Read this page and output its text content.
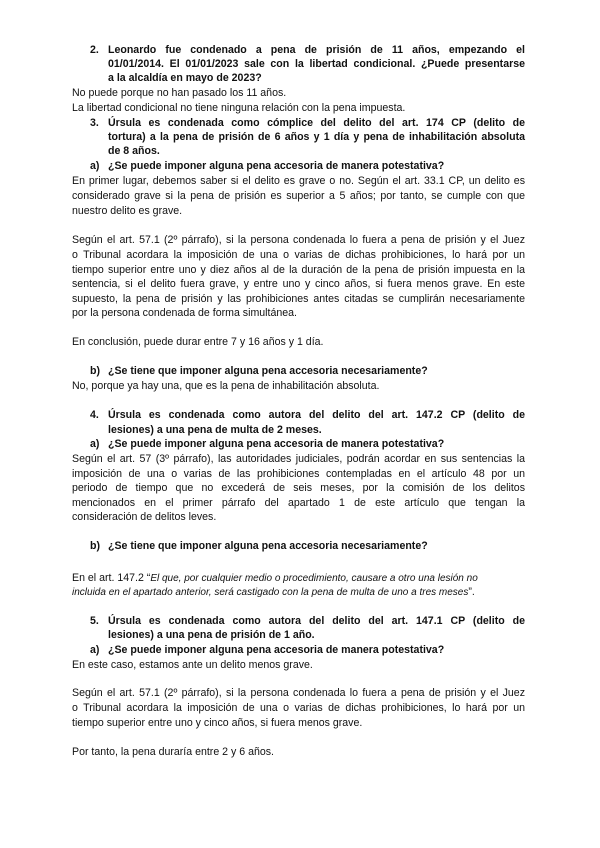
2. Leonardo fue condenado a pena de prisión de 11 años, empezando el
01/01/2014. El 01/01/2023 sale con la libertad condicional. ¿Puede presentarse
a la alcaldía en mayo de 2023?
No puede porque no han pasado los 11 años.
La libertad condicional no tiene ninguna relación con la pena impuesta.
3. Úrsula es condenada como cómplice del delito del art. 174 CP (delito de
tortura) a la pena de prisión de 6 años y 1 día y pena de inhabilitación absoluta
de 8 años.
a) ¿Se puede imponer alguna pena accesoria de manera potestativa?
En primer lugar, debemos saber si el delito es grave o no. Según el art. 33.1 CP, un delito es
considerado grave si la pena de prisión es superior a 5 años; por tanto, se cumple con que
nuestro delito es grave.
Según el art. 57.1 (2º párrafo), si la persona condenada lo fuera a pena de prisión y el Juez
o Tribunal acordara la imposición de una o varias de dichas prohibiciones, lo hará por un
tiempo superior entre uno y diez años al de la duración de la pena de prisión impuesta en la
sentencia, si el delito fuera grave, y entre uno y cinco años, si fuera menos grave. En este
supuesto, la pena de prisión y las prohibiciones antes citadas se cumplirán necesariamente
por la persona condenada de forma simultánea.
En conclusión, puede durar entre 7 y 16 años y 1 día.
b) ¿Se tiene que imponer alguna pena accesoria necesariamente?
No, porque ya hay una, que es la pena de inhabilitación absoluta.
4. Úrsula es condenada como autora del delito del art. 147.2 CP (delito de
lesiones) a una pena de multa de 2 meses.
a) ¿Se puede imponer alguna pena accesoria de manera potestativa?
Según el art. 57 (3º párrafo), las autoridades judiciales, podrán acordar en sus sentencias la
imposición de una o varias de las prohibiciones contempladas en el artículo 48 por un
periodo de tiempo que no excederá de seis meses, por la comisión de los delitos
mencionados en el primer párrafo del apartado 1 de este artículo que tengan la
consideración de delitos leves.
b) ¿Se tiene que imponer alguna pena accesoria necesariamente?
En el art. 147.2 “El que, por cualquier medio o procedimiento, causare a otro una lesión no
incluida en el apartado anterior, será castigado con la pena de multa de uno a tres meses”.
5. Úrsula es condenada como autora del delito del art. 147.1 CP (delito de
lesiones) a una pena de prisión de 1 año.
a) ¿Se puede imponer alguna pena accesoria de manera potestativa?
En este caso, estamos ante un delito menos grave.
Según el art. 57.1 (2º párrafo), si la persona condenada lo fuera a pena de prisión y el Juez
o Tribunal acordara la imposición de una o varias de dichas prohibiciones, lo hará por un
tiempo superior entre uno y cinco años, si fuera menos grave.
Por tanto, la pena duraría entre 2 y 6 años.
